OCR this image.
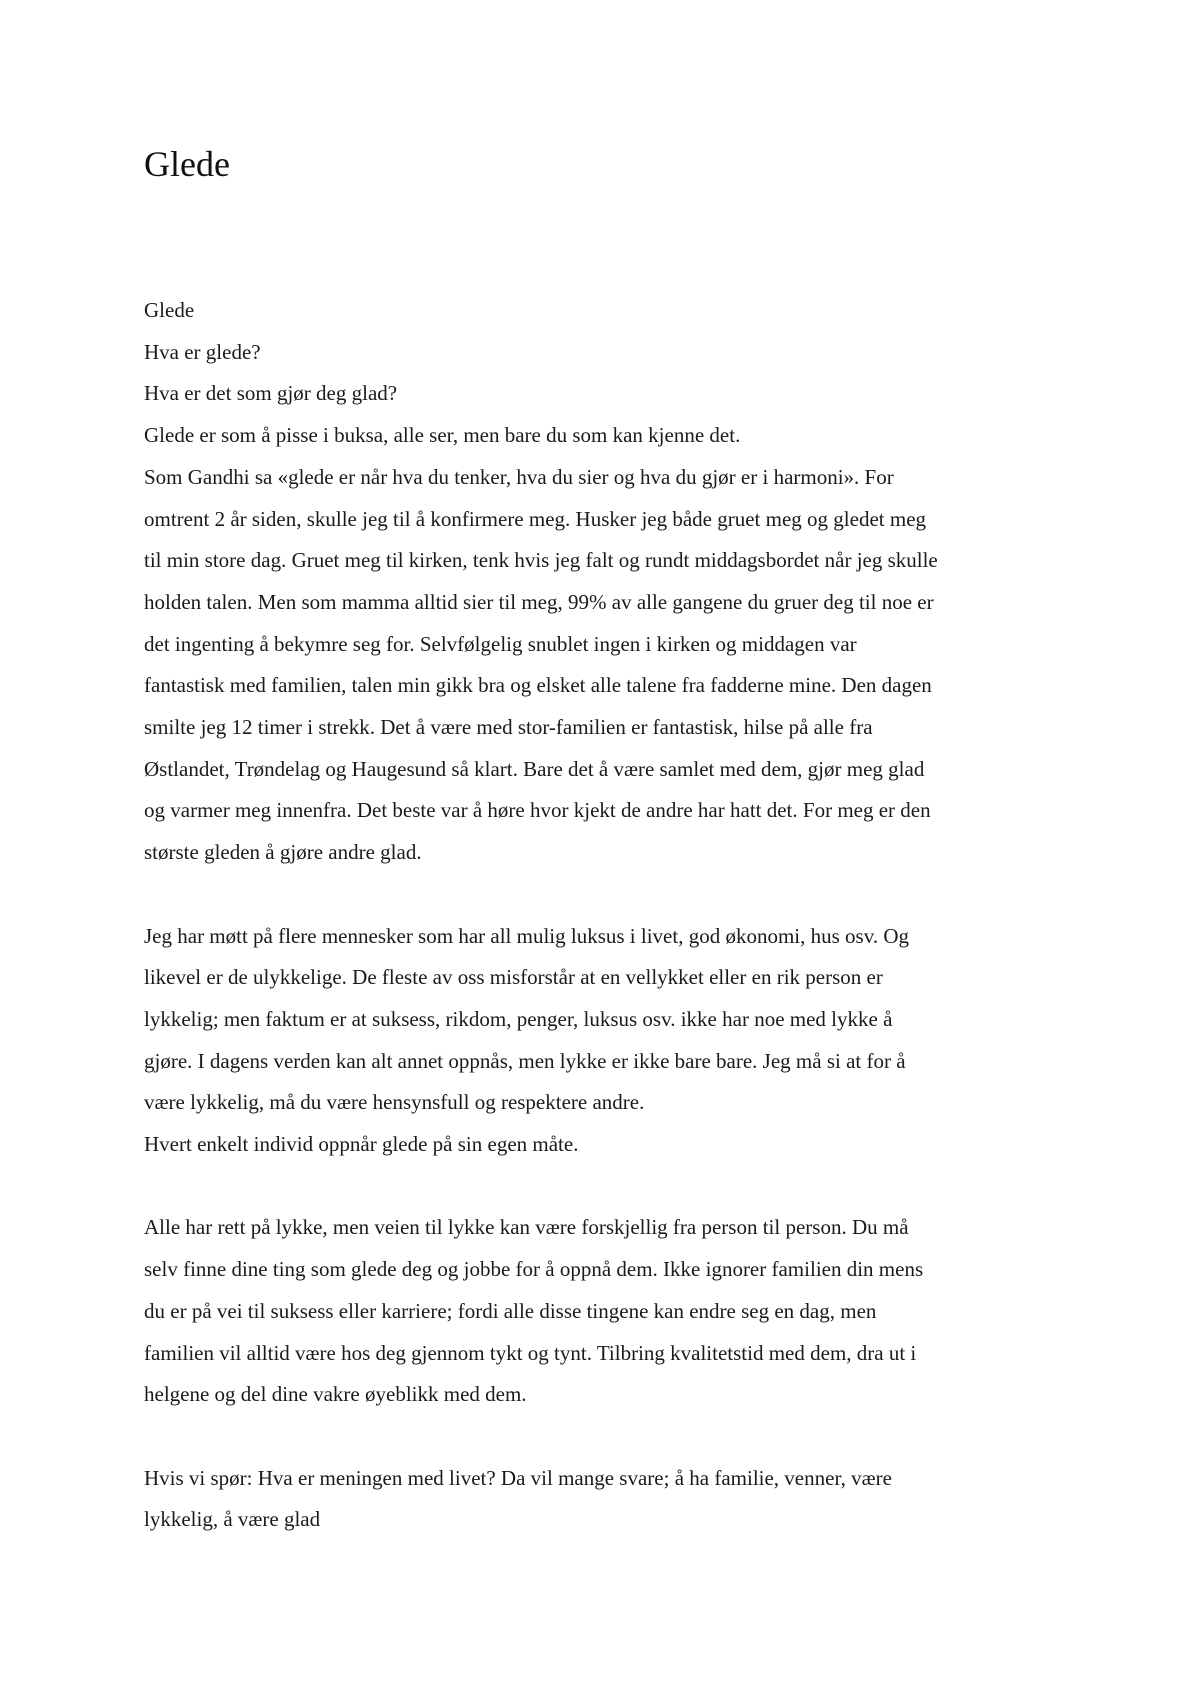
Glede
Glede
Hva er glede?
Hva er det som gjør deg glad?
Glede er som å pisse i buksa, alle ser, men bare du som kan kjenne det.
Som Gandhi sa «glede er når hva du tenker, hva du sier og hva du gjør er i harmoni». For
omtrent 2 år siden, skulle jeg til å konfirmere meg. Husker jeg både gruet meg og gledet meg
til min store dag. Gruet meg til kirken, tenk hvis jeg falt og rundt middagsbordet når jeg skulle
holden talen. Men som mamma alltid sier til meg, 99% av alle gangene du gruer deg til noe er
det ingenting å bekymre seg for. Selvfølgelig snublet ingen i kirken og middagen var
fantastisk med familien, talen min gikk bra og elsket alle talene fra fadderne mine. Den dagen
smilte jeg 12 timer i strekk. Det å være med stor-familien er fantastisk, hilse på alle fra
Østlandet, Trøndelag og Haugesund så klart. Bare det å være samlet med dem, gjør meg glad
og varmer meg innenfra. Det beste var å høre hvor kjekt de andre har hatt det. For meg er den
største gleden å gjøre andre glad.
Jeg har møtt på flere mennesker som har all mulig luksus i livet, god økonomi, hus osv. Og
likevel er de ulykkelige. De fleste av oss misforstår at en vellykket eller en rik person er
lykkelig; men faktum er at suksess, rikdom, penger, luksus osv. ikke har noe med lykke å
gjøre. I dagens verden kan alt annet oppnås, men lykke er ikke bare bare. Jeg må si at for å
være lykkelig, må du være hensynsfull og respektere andre.
Hvert enkelt individ oppnår glede på sin egen måte.
Alle har rett på lykke, men veien til lykke kan være forskjellig fra person til person. Du må
selv finne dine ting som glede deg og jobbe for å oppnå dem. Ikke ignorer familien din mens
du er på vei til suksess eller karriere; fordi alle disse tingene kan endre seg en dag, men
familien vil alltid være hos deg gjennom tykt og tynt. Tilbring kvalitetstid med dem, dra ut i
helgene og del dine vakre øyeblikk med dem.
Hvis vi spør: Hva er meningen med livet? Da vil mange svare; å ha familie, venner, være
lykkelig, å være glad
